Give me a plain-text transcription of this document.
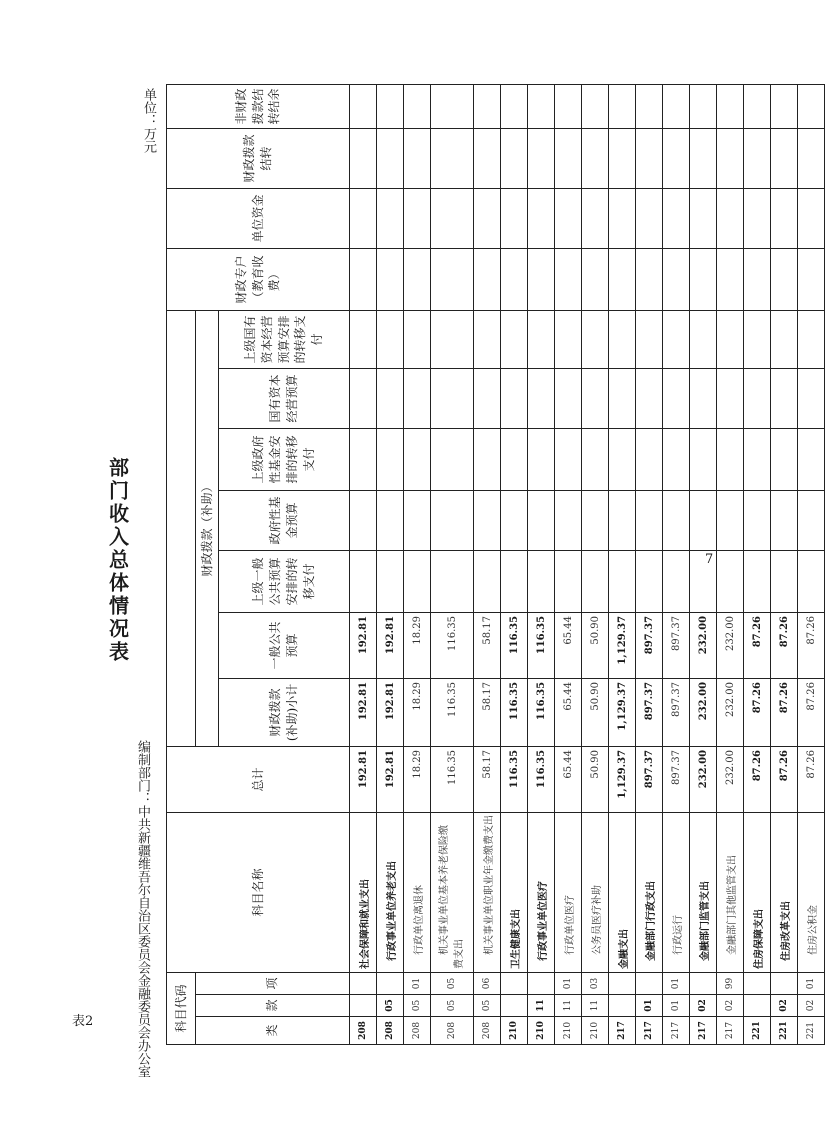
表2
部门收入总体情况表
单位：万元
编制部门：中共新疆维吾尔自治区委员会金融委员会办公室
7
科目代码			科目名称	总计								财政专户（教育收费）	单位资金	财政拨款结转	非财政拨款结转结余
类	款	项			财政拨款（补助）										
					财政拨款(补助)小计	一般公共预算	上级一般公共预算安排的转移支付	政府性基金预算	上级政府性基金安排的转移支付	国有资本经营预算	上级国有资本经营预算安排的转移支付				
208			社会保障和就业支出	192.81	192.81	192.81									
208	05		行政事业单位养老支出	192.81	192.81	192.81									
208	05	01	行政单位离退休	18.29	18.29	18.29									
208	05	05	机关事业单位基本养老保险缴费支出	116.35	116.35	116.35									
208	05	06	机关事业单位职业年金缴费支出	58.17	58.17	58.17									
210			卫生健康支出	116.35	116.35	116.35									
210	11		行政事业单位医疗	116.35	116.35	116.35									
210	11	01	行政单位医疗	65.44	65.44	65.44									
210	11	03	公务员医疗补助	50.90	50.90	50.90									
217			金融支出	1,129.37	1,129.37	1,129.37									
217	01		金融部门行政支出	897.37	897.37	897.37									
217	01	01	行政运行	897.37	897.37	897.37									
217	02		金融部门监管支出	232.00	232.00	232.00									
217	02	99	金融部门其他监管支出	232.00	232.00	232.00									
221			住房保障支出	87.26	87.26	87.26									
221	02		住房改革支出	87.26	87.26	87.26									
221	02	01	住房公积金	87.26	87.26	87.26									
